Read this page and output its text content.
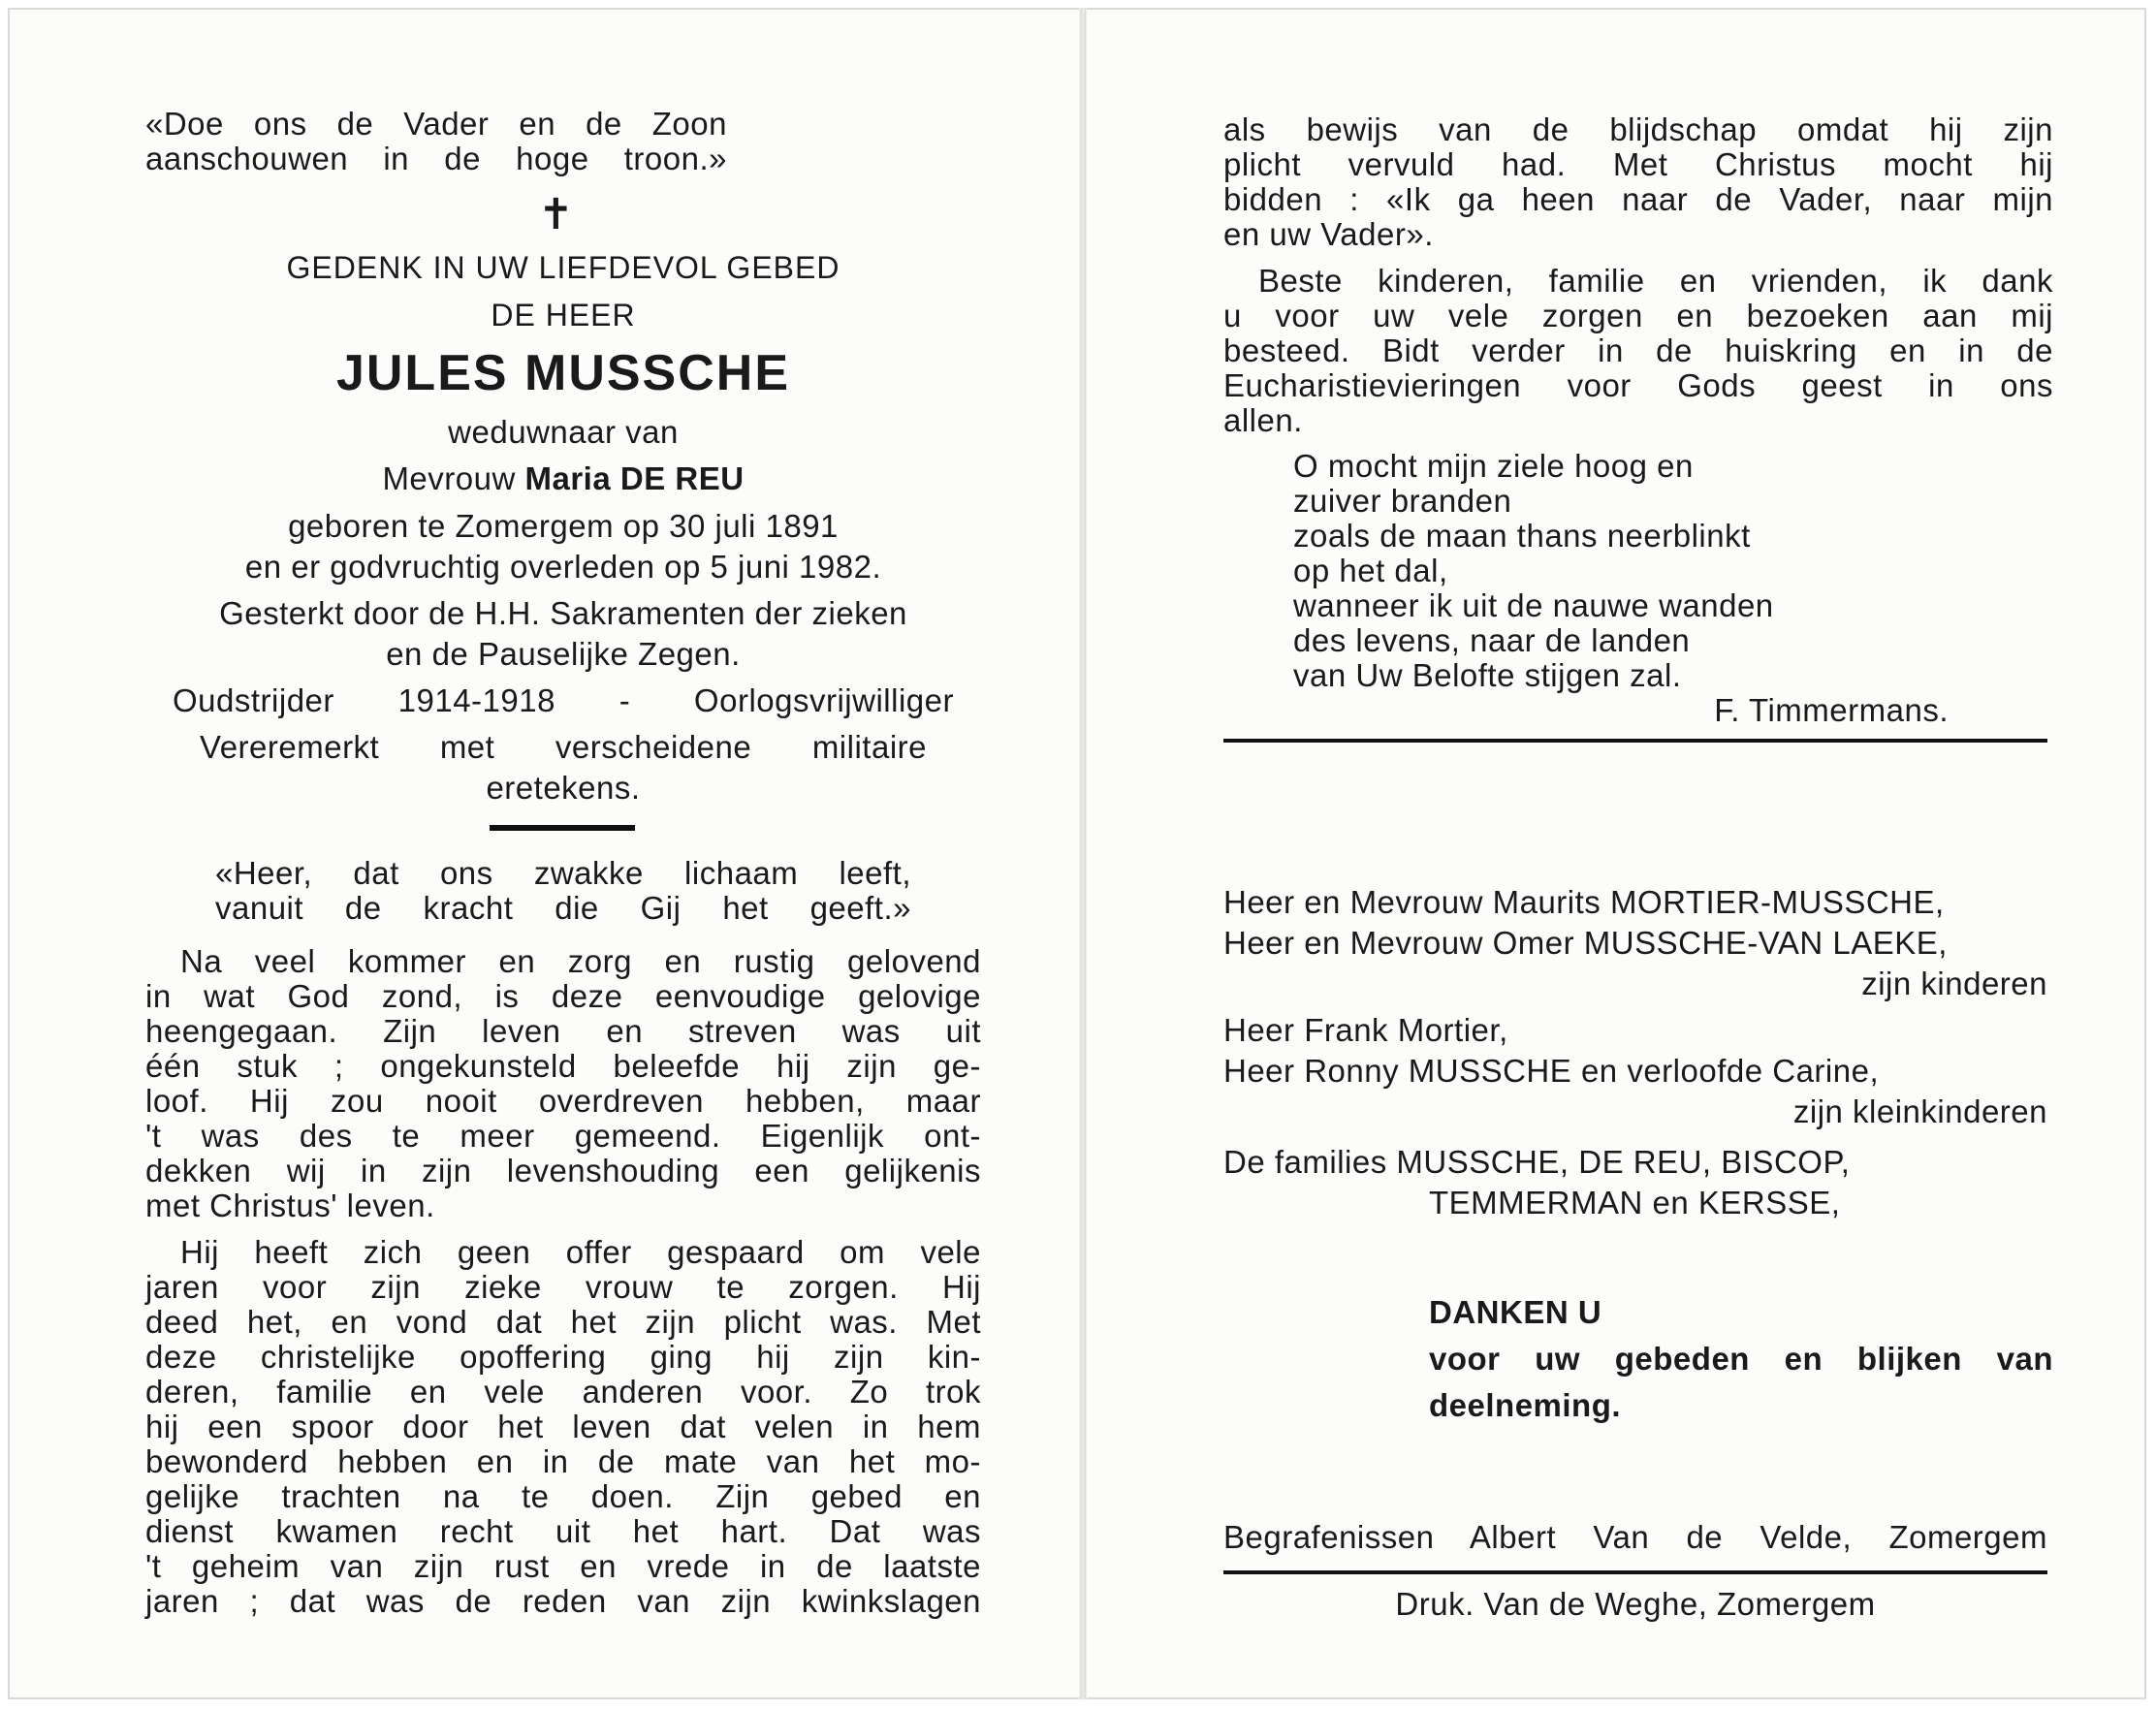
«Doe ons de Vader en de Zoon
aanschouwen in de hoge troon.»
✝
GEDENK IN UW LIEFDEVOL GEBED
DE HEER
JULES MUSSCHE
weduwnaar van
Mevrouw Maria DE REU
geboren te Zomergem op 30 juli 1891
en er godvruchtig overleden op 5 juni 1982.
Gesterkt door de H.H. Sakramenten der zieken
en de Pauselijke Zegen.
Oudstrijder 1914-1918 - Oorlogsvrijwilliger
Vereremerkt met verscheidene militaire
eretekens.
«Heer, dat ons zwakke lichaam leeft,
vanuit de kracht die Gij het geeft.»
Na veel kommer en zorg en rustig gelovend
in wat God zond, is deze eenvoudige gelovige
heengegaan. Zijn leven en streven was uit
één stuk ; ongekunsteld beleefde hij zijn ge-
loof. Hij zou nooit overdreven hebben, maar
't was des te meer gemeend. Eigenlijk ont-
dekken wij in zijn levenshouding een gelijkenis
met Christus' leven.
Hij heeft zich geen offer gespaard om vele
jaren voor zijn zieke vrouw te zorgen. Hij
deed het, en vond dat het zijn plicht was. Met
deze christelijke opoffering ging hij zijn kin-
deren, familie en vele anderen voor. Zo trok
hij een spoor door het leven dat velen in hem
bewonderd hebben en in de mate van het mo-
gelijke trachten na te doen. Zijn gebed en
dienst kwamen recht uit het hart. Dat was
't geheim van zijn rust en vrede in de laatste
jaren ; dat was de reden van zijn kwinkslagen
als bewijs van de blijdschap omdat hij zijn
plicht vervuld had. Met Christus mocht hij
bidden : «Ik ga heen naar de Vader, naar mijn
en uw Vader».
Beste kinderen, familie en vrienden, ik dank
u voor uw vele zorgen en bezoeken aan mij
besteed. Bidt verder in de huiskring en in de
Eucharistievieringen voor Gods geest in ons
allen.
O mocht mijn ziele hoog en
zuiver branden
zoals de maan thans neerblinkt
op het dal,
wanneer ik uit de nauwe wanden
des levens, naar de landen
van Uw Belofte stijgen zal.
F. Timmermans.
Heer en Mevrouw Maurits MORTIER-MUSSCHE,
Heer en Mevrouw Omer MUSSCHE-VAN LAEKE,
zijn kinderen
Heer Frank Mortier,
Heer Ronny MUSSCHE en verloofde Carine,
zijn kleinkinderen
De families MUSSCHE, DE REU, BISCOP,
TEMMERMAN en KERSSE,
DANKEN U
voor uw gebeden en blijken van
deelneming.
Begrafenissen Albert Van de Velde, Zomergem
Druk. Van de Weghe, Zomergem
